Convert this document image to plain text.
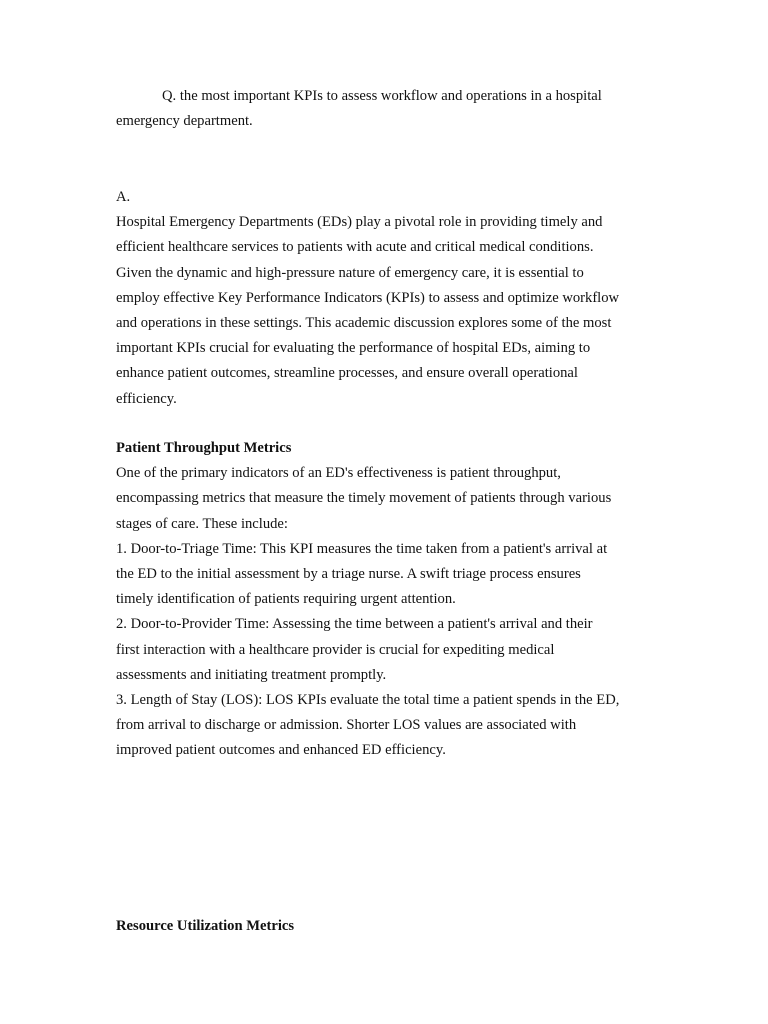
Q. the most important KPIs to assess workflow and operations in a hospital
emergency department.
A.
Hospital Emergency Departments (EDs) play a pivotal role in providing timely and
efficient healthcare services to patients with acute and critical medical conditions.
Given the dynamic and high-pressure nature of emergency care, it is essential to
employ effective Key Performance Indicators (KPIs) to assess and optimize workflow
and operations in these settings. This academic discussion explores some of the most
important KPIs crucial for evaluating the performance of hospital EDs, aiming to
enhance patient outcomes, streamline processes, and ensure overall operational
efficiency.
Patient Throughput Metrics
One of the primary indicators of an ED's effectiveness is patient throughput,
encompassing metrics that measure the timely movement of patients through various
stages of care. These include:
1. Door-to-Triage Time: This KPI measures the time taken from a patient's arrival at
the ED to the initial assessment by a triage nurse. A swift triage process ensures
timely identification of patients requiring urgent attention.
2. Door-to-Provider Time: Assessing the time between a patient's arrival and their
first interaction with a healthcare provider is crucial for expediting medical
assessments and initiating treatment promptly.
3. Length of Stay (LOS): LOS KPIs evaluate the total time a patient spends in the ED,
from arrival to discharge or admission. Shorter LOS values are associated with
improved patient outcomes and enhanced ED efficiency.
Resource Utilization Metrics
